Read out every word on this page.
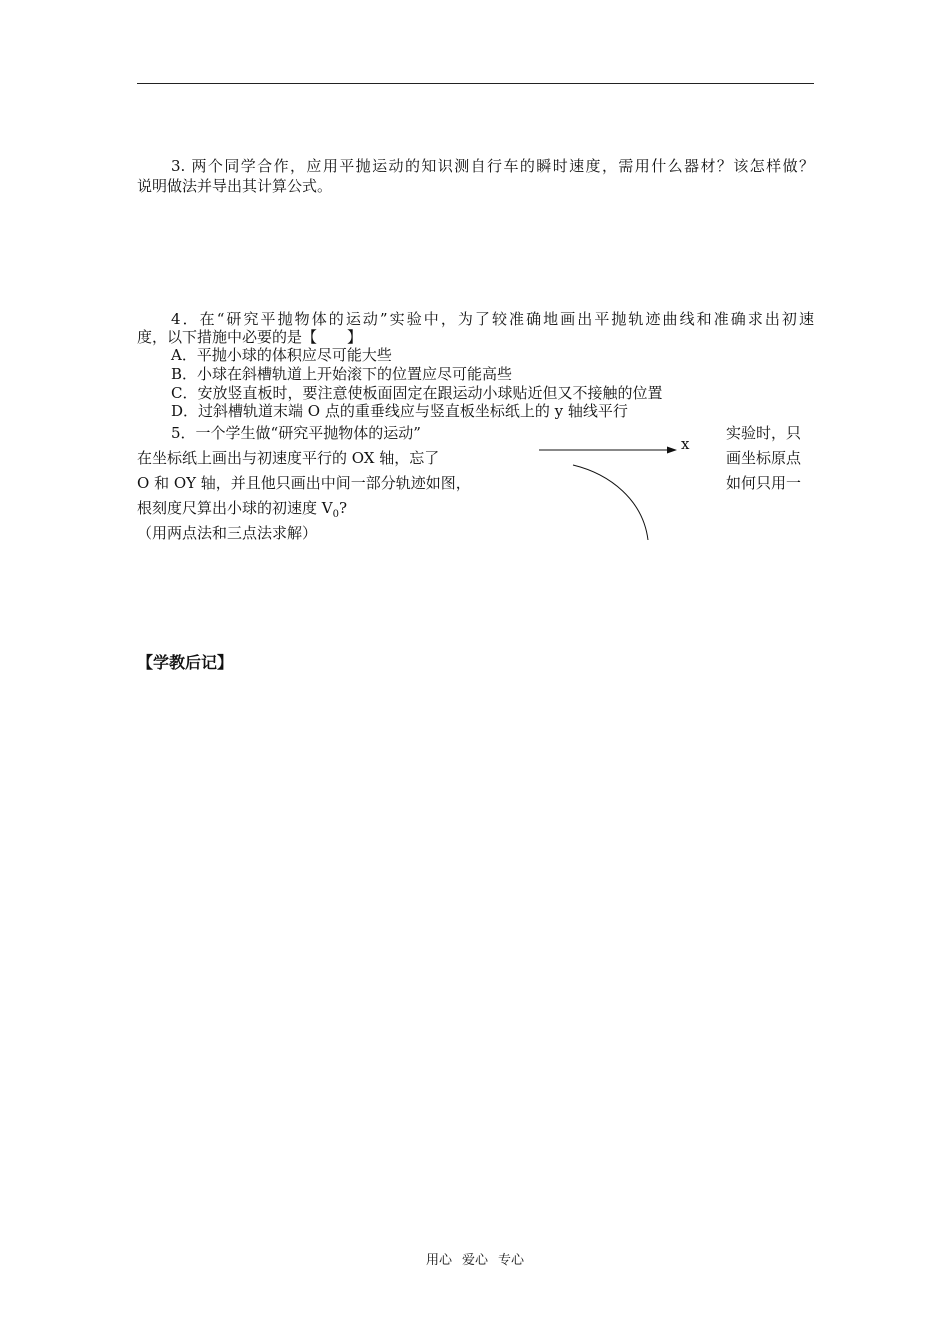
3. 两个同学合作，应用平抛运动的知识测自行车的瞬时速度，需用什么器材？该怎样做？
说明做法并导出其计算公式。
4．在“研究平抛物体的运动”实验中，为了较准确地画出平抛轨迹曲线和准确求出初速
度，以下措施中必要的是【　　】
A．平抛小球的体积应尽可能大些
B．小球在斜槽轨道上开始滚下的位置应尽可能高些
C．安放竖直板时，要注意使板面固定在跟运动小球贴近但又不接触的位置
D．过斜槽轨道末端 O 点的重垂线应与竖直板坐标纸上的 y 轴线平行
5．一个学生做“研究平抛物体的运动”	实验时，只
在坐标纸上画出与初速度平行的 OX 轴，忘了	画坐标原点
O 和 OY 轴，并且他只画出中间一部分轨迹如图，	如何只用一
根刻度尺算出小球的初速度 $V_0$?
（用两点法和三点法求解）
x
【学教后记】
用心 爱心 专心
